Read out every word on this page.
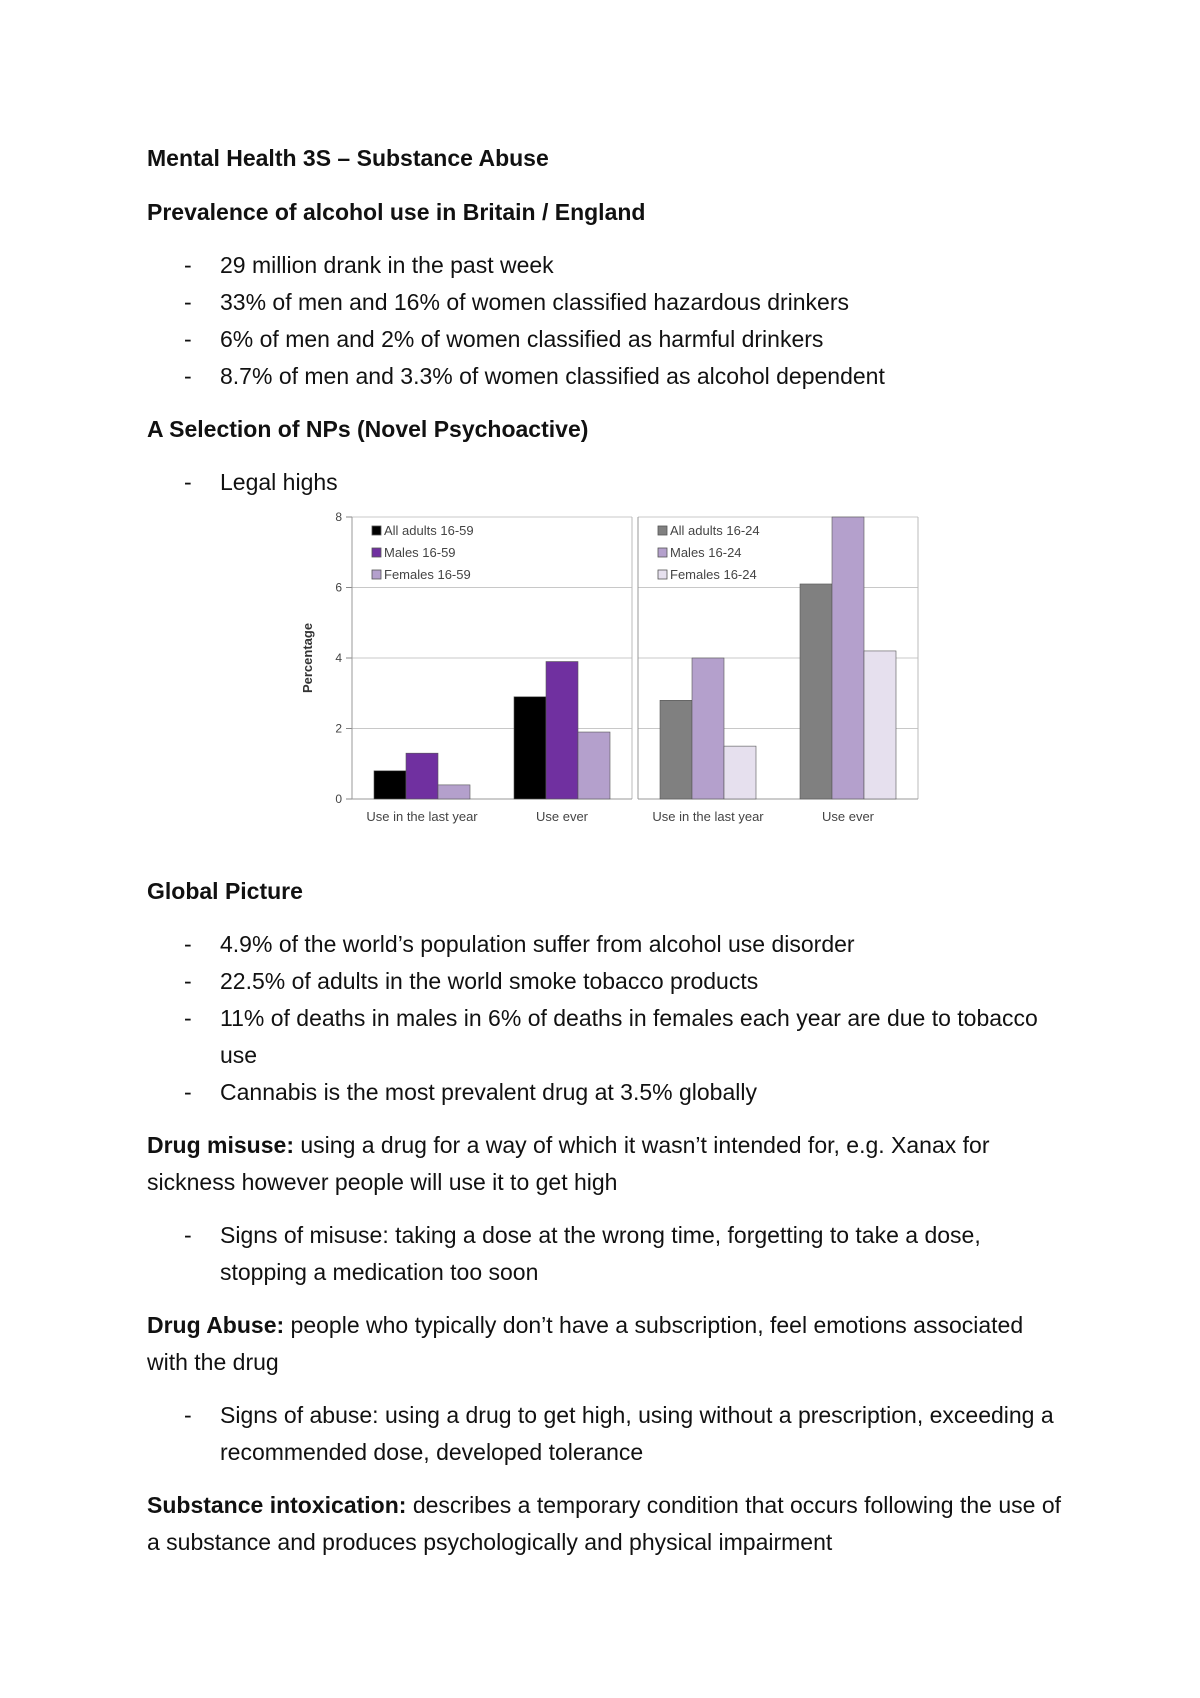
Mental Health 3S – Substance Abuse
Prevalence of alcohol use in Britain / England
- 29 million drank in the past week
- 33% of men and 16% of women classified hazardous drinkers
- 6% of men and 2% of women classified as harmful drinkers
- 8.7% of men and 3.3% of women classified as alcohol dependent
A Selection of NPs (Novel Psychoactive)
- Legal highs
Percentage
0
2
4
6
8
Use in the last year	Use ever
All adults 16-59
Males 16-59
Females 16-59
Use in the last year	Use ever
All adults 16-24
Males 16-24
Females 16-24
Global Picture
- 4.9% of the world’s population suffer from alcohol use disorder
- 22.5% of adults in the world smoke tobacco products
- 11% of deaths in males in 6% of deaths in females each year are due to tobacco use
- Cannabis is the most prevalent drug at 3.5% globally

Drug misuse: using a drug for a way of which it wasn’t intended for, e.g. Xanax for sickness however people will use it to get high

- Signs of misuse: taking a dose at the wrong time, forgetting to take a dose, stopping a medication too soon

Drug Abuse: people who typically don’t have a subscription, feel emotions associated with the drug

- Signs of abuse: using a drug to get high, using without a prescription, exceeding a recommended dose, developed tolerance

Substance intoxication: describes a temporary condition that occurs following the use of a substance and produces psychologically and physical impairment
